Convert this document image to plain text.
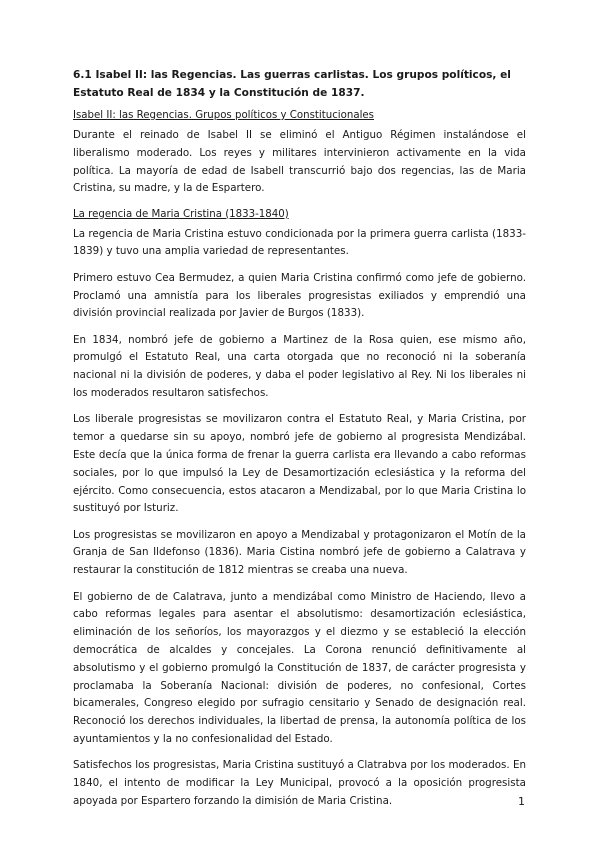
6.1 Isabel II: las Regencias. Las guerras carlistas. Los grupos políticos, el Estatuto Real de 1834 y la Constitución de 1837.
Isabel II: las Regencias. Grupos políticos y Constitucionales

Durante el reinado de Isabel II se eliminó el Antiguo Régimen instalándose el liberalismo moderado. Los reyes y militares intervinieron activamente en la vida política. La mayoría de edad de Isabell transcurrió bajo dos regencias, las de Maria Cristina, su madre, y la de Espartero.

La regencia de Maria Cristina (1833-1840)

La regencia de Maria Cristina estuvo condicionada por la primera guerra carlista (1833-1839) y tuvo una amplia variedad de representantes.

Primero estuvo Cea Bermudez, a quien Maria Cristina confirmó como jefe de gobierno. Proclamó una amnistía para los liberales progresistas exiliados y emprendió una división provincial realizada por Javier de Burgos (1833).

En 1834, nombró jefe de gobierno a Martinez de la Rosa quien, ese mismo año, promulgó el Estatuto Real, una carta otorgada que no reconoció ni la soberanía nacional ni la división de poderes, y daba el poder legislativo al Rey. Ni los liberales ni los moderados resultaron satisfechos.

Los liberale progresistas se movilizaron contra el Estatuto Real, y Maria Cristina, por temor a quedarse sin su apoyo, nombró jefe de gobierno al progresista Mendizábal. Este decía que la única forma de frenar la guerra carlista era llevando a cabo reformas sociales, por lo que impulsó la Ley de Desamortización eclesiástica y la reforma del ejército. Como consecuencia, estos atacaron a Mendizabal, por lo que Maria Cristina lo sustituyó por Isturiz.

Los progresistas se movilizaron en apoyo a Mendizabal y protagonizaron el Motín de la Granja de San Ildefonso (1836). Maria Cistina nombró jefe de gobierno a Calatrava y restaurar la constitución de 1812 mientras se creaba una nueva.

El gobierno de de Calatrava, junto a mendizábal como Ministro de Haciendo, llevo a cabo reformas legales para asentar el absolutismo: desamortización eclesiástica, eliminación de los señoríos, los mayorazgos y el diezmo y se estableció la elección democrática de alcaldes y concejales. La Corona renunció definitivamente al absolutismo y el gobierno promulgó la Constitución de 1837, de carácter progresista y proclamaba la Soberanía Nacional: división de poderes, no confesional, Cortes bicamerales, Congreso elegido por sufragio censitario y Senado de designación real. Reconoció los derechos individuales, la libertad de prensa, la autonomía política de los ayuntamientos y la no confesionalidad del Estado.

Satisfechos los progresistas, Maria Cristina sustituyó a Clatrabva por los moderados. En 1840, el intento de modificar la Ley Municipal, provocó a la oposición progresista apoyada por Espartero forzando la dimisión de Maria Cristina.	1
